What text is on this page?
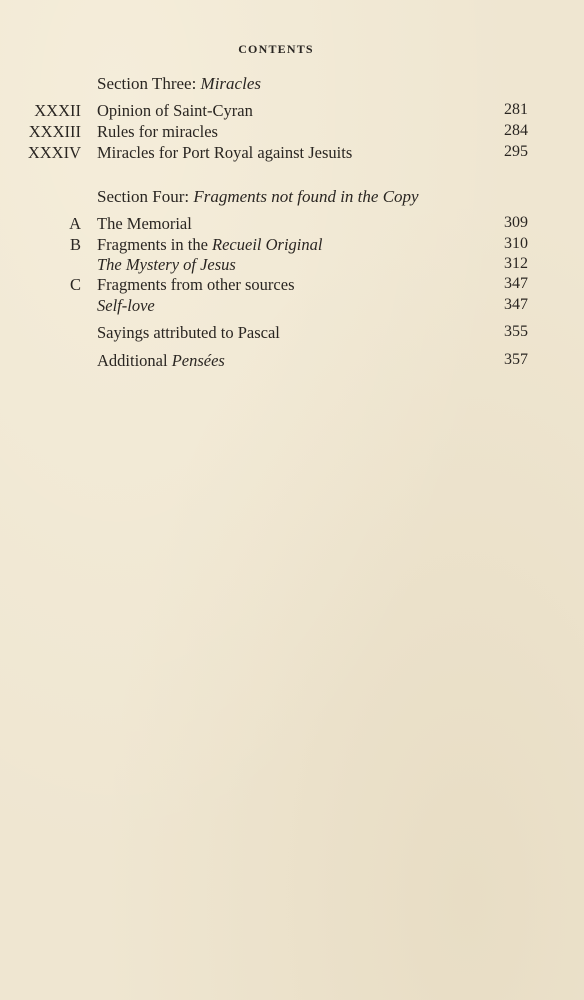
CONTENTS
Section Three: Miracles
XXXII Opinion of Saint-Cyran	281
XXXIII Rules for miracles	284
XXXIV Miracles for Port Royal against Jesuits	295
Section Four: Fragments not found in the Copy
A The Memorial	309
B Fragments in the Recueil Original	310
The Mystery of Jesus	312
C Fragments from other sources	347
Self-love	347
Sayings attributed to Pascal	355
Additional Pensées	357
